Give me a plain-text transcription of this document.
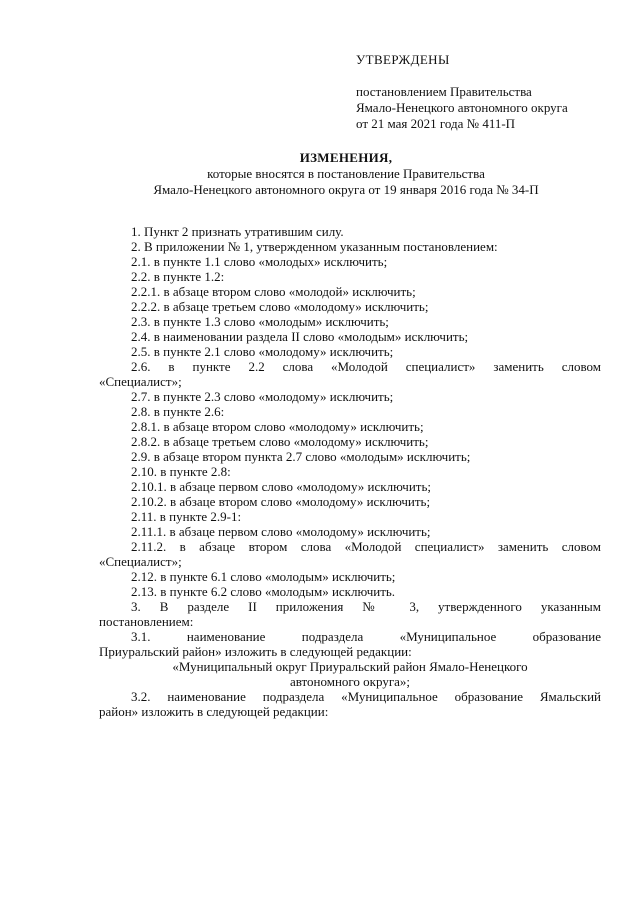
УТВЕРЖДЕНЫ
постановлением Правительства
Ямало-Ненецкого автономного округа
от 21 мая 2021 года № 411-П
ИЗМЕНЕНИЯ,
которые вносятся в постановление Правительства
Ямало-Ненецкого автономного округа от 19 января 2016 года № 34-П

1. Пункт 2 признать утратившим силу.

2. В приложении № 1, утвержденном указанным постановлением:

2.1. в пункте 1.1 слово «молодых» исключить;

2.2. в пункте 1.2:

2.2.1. в абзаце втором слово «молодой» исключить;

2.2.2. в абзаце третьем слово «молодому» исключить;

2.3. в пункте 1.3 слово «молодым» исключить;

2.4. в наименовании раздела II слово «молодым» исключить;

2.5. в пункте 2.1 слово «молодому» исключить;

2.6. в пункте 2.2 слова «Молодой специалист» заменить словом

«Специалист»;

2.7. в пункте 2.3 слово «молодому» исключить;

2.8. в пункте 2.6:

2.8.1. в абзаце втором слово «молодому» исключить;

2.8.2. в абзаце третьем слово «молодому» исключить;

2.9. в абзаце втором пункта 2.7 слово «молодым» исключить;

2.10. в пункте 2.8:

2.10.1. в абзаце первом слово «молодому» исключить;

2.10.2. в абзаце втором слово «молодому» исключить;

2.11. в пункте 2.9-1:

2.11.1. в абзаце первом слово «молодому» исключить;

2.11.2. в абзаце втором слова «Молодой специалист» заменить словом

«Специалист»;

2.12. в пункте 6.1 слово «молодым» исключить;

2.13. в пункте 6.2 слово «молодым» исключить.

3. В разделе II приложения № 3, утвержденного указанным

постановлением:

3.1. наименование подраздела «Муниципальное образование

Приуральский район» изложить в следующей редакции:

«Муниципальный округ Приуральский район Ямало-Ненецкого

автономного округа»;

3.2. наименование подраздела «Муниципальное образование Ямальский

район» изложить в следующей редакции:
